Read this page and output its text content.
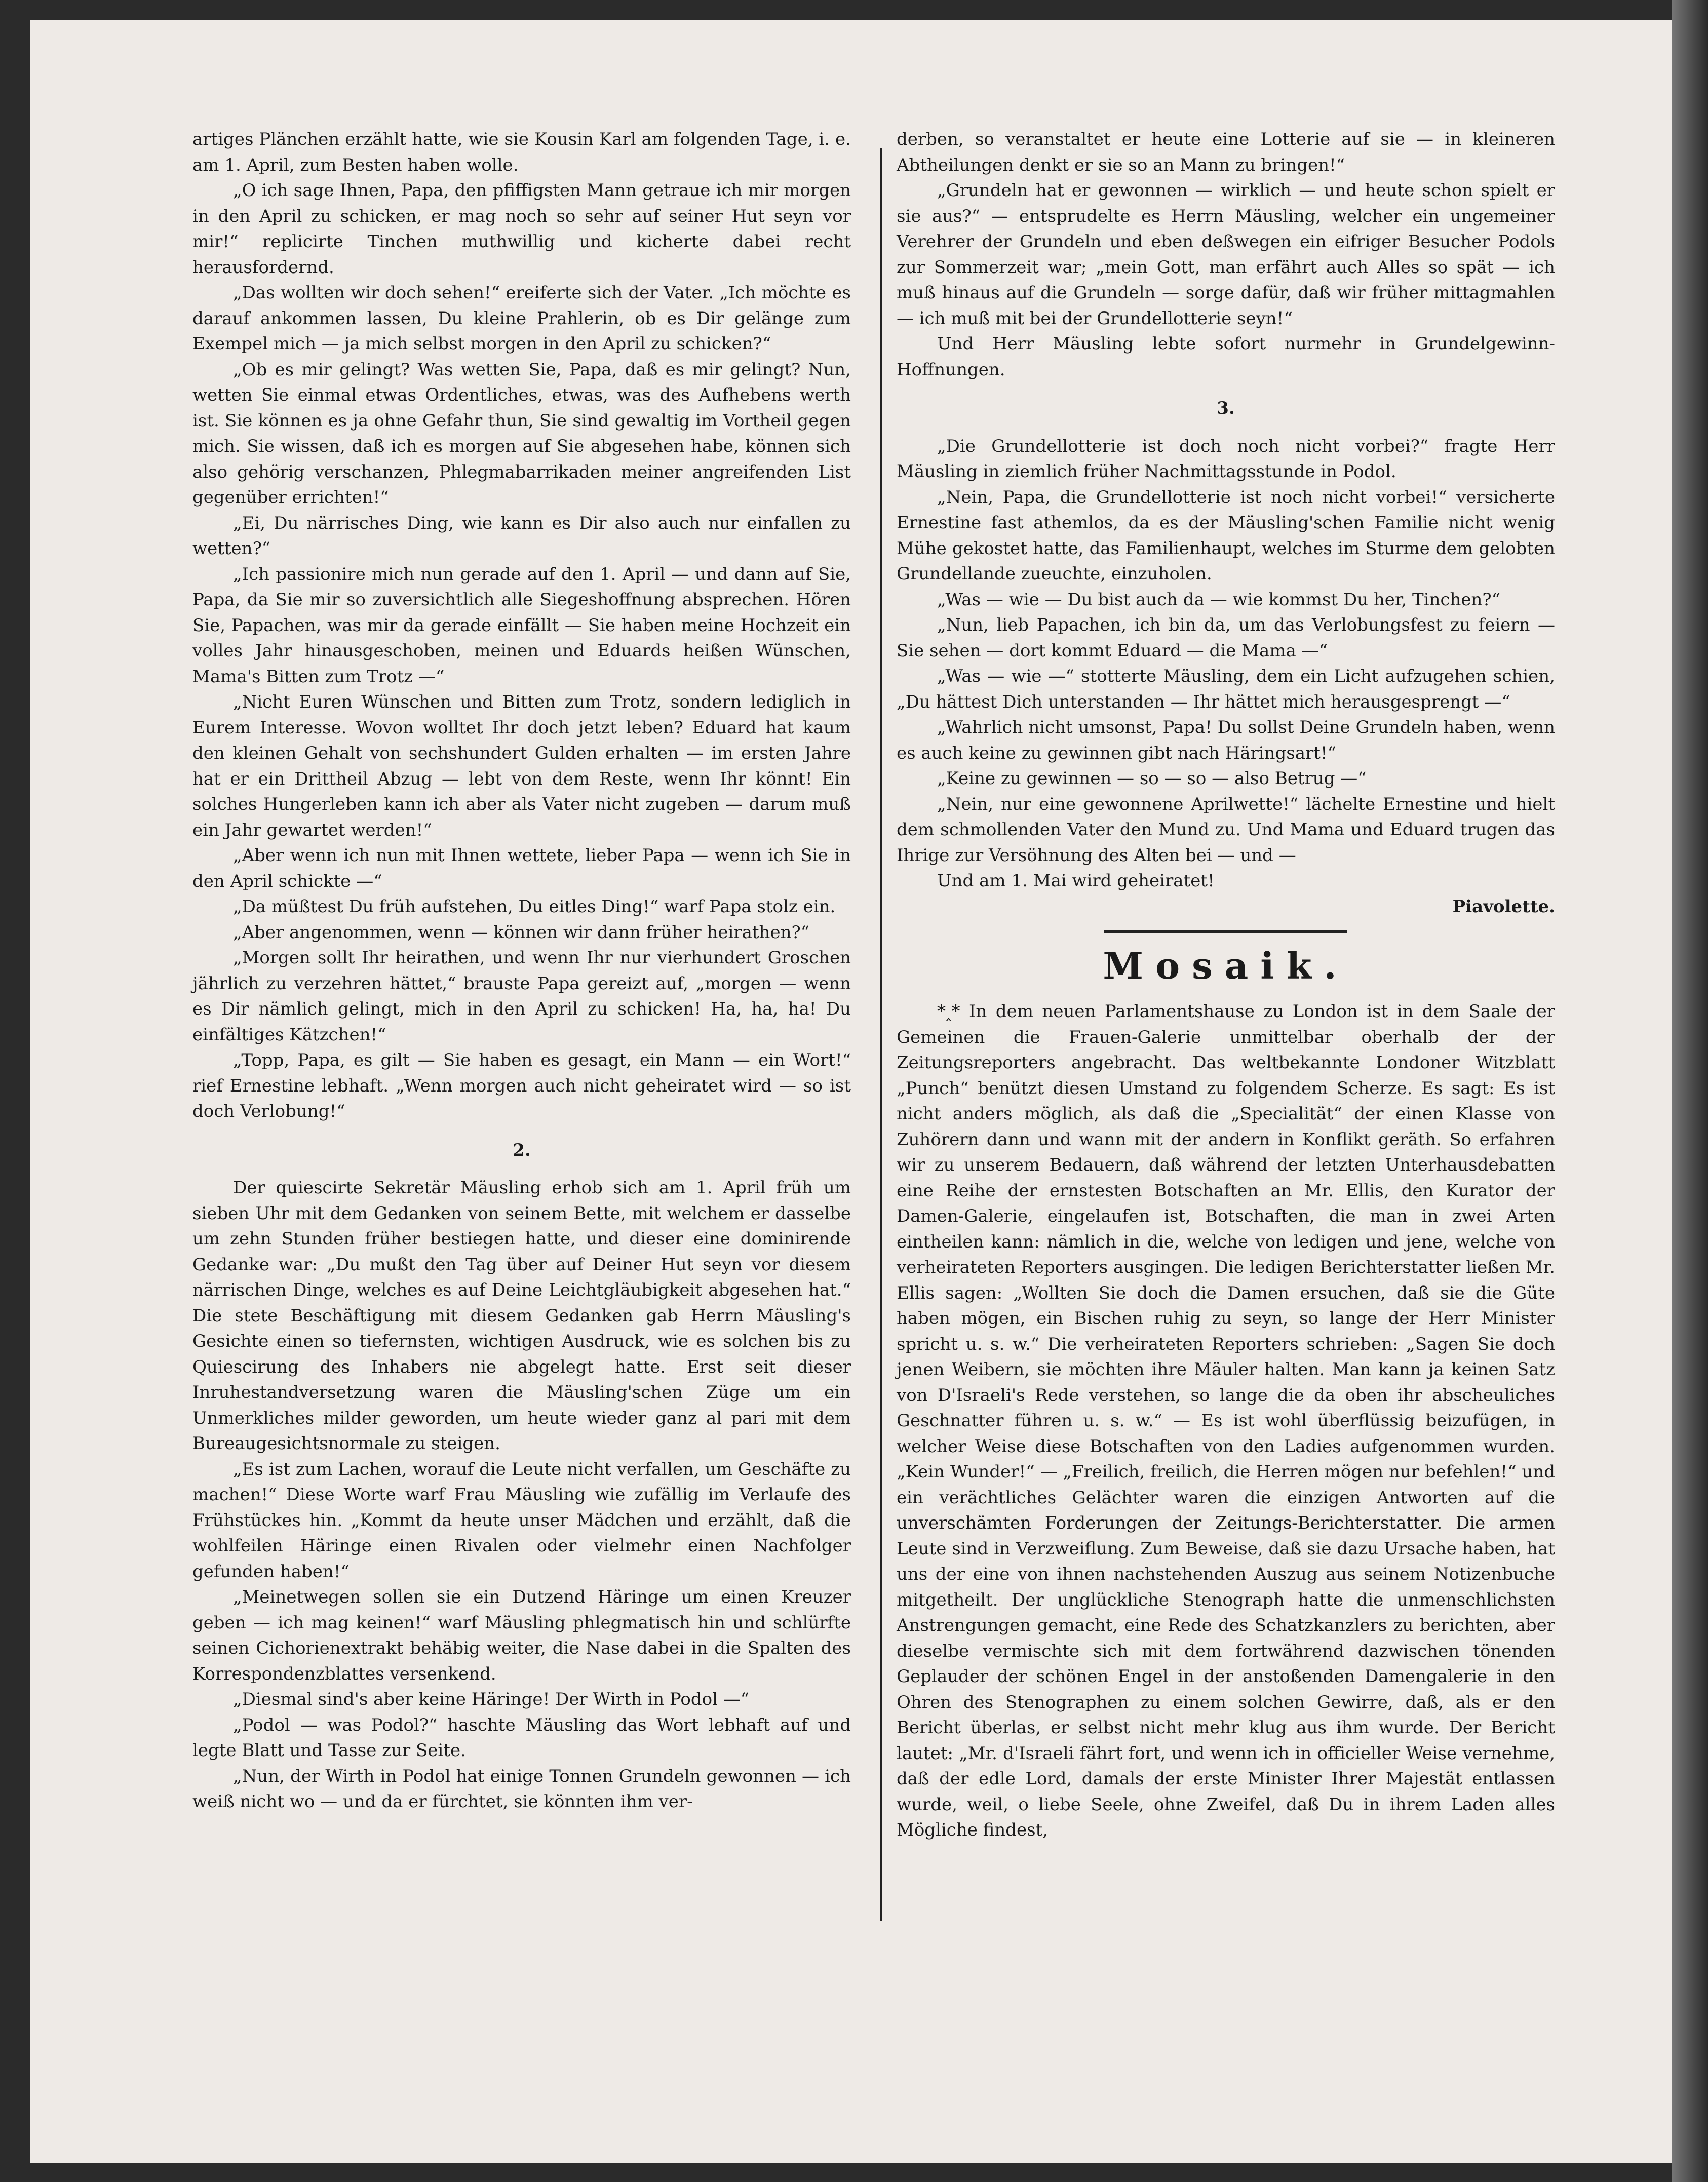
artiges Plänchen erzählt hatte, wie sie Kousin Karl am folgenden Tage, i. e. am 1. April, zum Besten haben wolle.

„O ich sage Ihnen, Papa, den pfiffigsten Mann getraue ich mir morgen in den April zu schicken, er mag noch so sehr auf seiner Hut seyn vor mir!“ replicirte Tinchen muthwillig und kicherte dabei recht herausfordernd.

„Das wollten wir doch sehen!“ ereiferte sich der Vater. „Ich möchte es darauf ankommen lassen, Du kleine Prahlerin, ob es Dir gelänge zum Exempel mich — ja mich selbst morgen in den April zu schicken?“

„Ob es mir gelingt? Was wetten Sie, Papa, daß es mir gelingt? Nun, wetten Sie einmal etwas Ordentliches, etwas, was des Aufhebens werth ist. Sie können es ja ohne Gefahr thun, Sie sind gewaltig im Vortheil gegen mich. Sie wissen, daß ich es morgen auf Sie abgesehen habe, können sich also gehörig verschanzen, Phlegmabarrikaden meiner angreifenden List gegenüber errichten!“

„Ei, Du närrisches Ding, wie kann es Dir also auch nur einfallen zu wetten?“

„Ich passionire mich nun gerade auf den 1. April — und dann auf Sie, Papa, da Sie mir so zuversichtlich alle Siegeshoffnung absprechen. Hören Sie, Papachen, was mir da gerade einfällt — Sie haben meine Hochzeit ein volles Jahr hinausgeschoben, meinen und Eduards heißen Wünschen, Mama's Bitten zum Trotz —“

„Nicht Euren Wünschen und Bitten zum Trotz, sondern lediglich in Eurem Interesse. Wovon wolltet Ihr doch jetzt leben? Eduard hat kaum den kleinen Gehalt von sechshundert Gulden erhalten — im ersten Jahre hat er ein Drittheil Abzug — lebt von dem Reste, wenn Ihr könnt! Ein solches Hungerleben kann ich aber als Vater nicht zugeben — darum muß ein Jahr gewartet werden!“

„Aber wenn ich nun mit Ihnen wettete, lieber Papa — wenn ich Sie in den April schickte —“

„Da müßtest Du früh aufstehen, Du eitles Ding!“ warf Papa stolz ein.

„Aber angenommen, wenn — können wir dann früher heirathen?“

„Morgen sollt Ihr heirathen, und wenn Ihr nur vierhundert Groschen jährlich zu verzehren hättet,“ brauste Papa gereizt auf, „morgen — wenn es Dir nämlich gelingt, mich in den April zu schicken! Ha, ha, ha! Du einfältiges Kätzchen!“

„Topp, Papa, es gilt — Sie haben es gesagt, ein Mann — ein Wort!“ rief Ernestine lebhaft. „Wenn morgen auch nicht geheiratet wird — so ist doch Verlobung!“

2.

Der quiescirte Sekretär Mäusling erhob sich am 1. April früh um sieben Uhr mit dem Gedanken von seinem Bette, mit welchem er dasselbe um zehn Stunden früher bestiegen hatte, und dieser eine dominirende Gedanke war: „Du mußt den Tag über auf Deiner Hut seyn vor diesem närrischen Dinge, welches es auf Deine Leichtgläubigkeit abgesehen hat.“ Die stete Beschäftigung mit diesem Gedanken gab Herrn Mäusling's Gesichte einen so tiefernsten, wichtigen Ausdruck, wie es solchen bis zu Quiescirung des Inhabers nie abgelegt hatte. Erst seit dieser Inruhestandversetzung waren die Mäusling'schen Züge um ein Unmerkliches milder geworden, um heute wieder ganz al pari mit dem Bureaugesichtsnormale zu steigen.

„Es ist zum Lachen, worauf die Leute nicht verfallen, um Geschäfte zu machen!“ Diese Worte warf Frau Mäusling wie zufällig im Verlaufe des Frühstückes hin. „Kommt da heute unser Mädchen und erzählt, daß die wohlfeilen Häringe einen Rivalen oder vielmehr einen Nachfolger gefunden haben!“

„Meinetwegen sollen sie ein Dutzend Häringe um einen Kreuzer geben — ich mag keinen!“ warf Mäusling phlegmatisch hin und schlürfte seinen Cichorienextrakt behäbig weiter, die Nase dabei in die Spalten des Korrespondenzblattes versenkend.

„Diesmal sind's aber keine Häringe! Der Wirth in Podol —“

„Podol — was Podol?“ haschte Mäusling das Wort lebhaft auf und legte Blatt und Tasse zur Seite.

„Nun, der Wirth in Podol hat einige Tonnen Grundeln gewonnen — ich weiß nicht wo — und da er fürchtet, sie könnten ihm ver-

derben, so veranstaltet er heute eine Lotterie auf sie — in kleineren Abtheilungen denkt er sie so an Mann zu bringen!“

„Grundeln hat er gewonnen — wirklich — und heute schon spielt er sie aus?“ — entsprudelte es Herrn Mäusling, welcher ein ungemeiner Verehrer der Grundeln und eben deßwegen ein eifriger Besucher Podols zur Sommerzeit war; „mein Gott, man erfährt auch Alles so spät — ich muß hinaus auf die Grundeln — sorge dafür, daß wir früher mittagmahlen — ich muß mit bei der Grundellotterie seyn!“

Und Herr Mäusling lebte sofort nurmehr in Grundelgewinn-Hoffnungen.

3.

„Die Grundellotterie ist doch noch nicht vorbei?“ fragte Herr Mäusling in ziemlich früher Nachmittagsstunde in Podol.

„Nein, Papa, die Grundellotterie ist noch nicht vorbei!“ versicherte Ernestine fast athemlos, da es der Mäusling'schen Familie nicht wenig Mühe gekostet hatte, das Familienhaupt, welches im Sturme dem gelobten Grundellande zueuchte, einzuholen.

„Was — wie — Du bist auch da — wie kommst Du her, Tinchen?“

„Nun, lieb Papachen, ich bin da, um das Verlobungsfest zu feiern — Sie sehen — dort kommt Eduard — die Mama —“

„Was — wie —“ stotterte Mäusling, dem ein Licht aufzugehen schien, „Du hättest Dich unterstanden — Ihr hättet mich herausgesprengt —“

„Wahrlich nicht umsonst, Papa! Du sollst Deine Grundeln haben, wenn es auch keine zu gewinnen gibt nach Häringsart!“

„Keine zu gewinnen — so — so — also Betrug —“

„Nein, nur eine gewonnene Aprilwette!“ lächelte Ernestine und hielt dem schmollenden Vater den Mund zu. Und Mama und Eduard trugen das Ihrige zur Versöhnung des Alten bei — und —

Und am 1. Mai wird geheiratet!

Piavolette.

Mosaik.

*‸* In dem neuen Parlamentshause zu London ist in dem Saale der Gemeinen die Frauen-Galerie unmittelbar oberhalb der der Zeitungsreporters angebracht. Das weltbekannte Londoner Witzblatt „Punch“ benützt diesen Umstand zu folgendem Scherze. Es sagt: Es ist nicht anders möglich, als daß die „Specialität“ der einen Klasse von Zuhörern dann und wann mit der andern in Konflikt geräth. So erfahren wir zu unserem Bedauern, daß während der letzten Unterhausdebatten eine Reihe der ernstesten Botschaften an Mr. Ellis, den Kurator der Damen-Galerie, eingelaufen ist, Botschaften, die man in zwei Arten eintheilen kann: nämlich in die, welche von ledigen und jene, welche von verheirateten Reporters ausgingen. Die ledigen Berichterstatter ließen Mr. Ellis sagen: „Wollten Sie doch die Damen ersuchen, daß sie die Güte haben mögen, ein Bischen ruhig zu seyn, so lange der Herr Minister spricht u. s. w.“ Die verheirateten Reporters schrieben: „Sagen Sie doch jenen Weibern, sie möchten ihre Mäuler halten. Man kann ja keinen Satz von D'Israeli's Rede verstehen, so lange die da oben ihr abscheuliches Geschnatter führen u. s. w.“ — Es ist wohl überflüssig beizufügen, in welcher Weise diese Botschaften von den Ladies aufgenommen wurden. „Kein Wunder!“ — „Freilich, freilich, die Herren mögen nur befehlen!“ und ein verächtliches Gelächter waren die einzigen Antworten auf die unverschämten Forderungen der Zeitungs-Berichterstatter. Die armen Leute sind in Verzweiflung. Zum Beweise, daß sie dazu Ursache haben, hat uns der eine von ihnen nachstehenden Auszug aus seinem Notizenbuche mitgetheilt. Der unglückliche Stenograph hatte die unmenschlichsten Anstrengungen gemacht, eine Rede des Schatzkanzlers zu berichten, aber dieselbe vermischte sich mit dem fortwährend dazwischen tönenden Geplauder der schönen Engel in der anstoßenden Damengalerie in den Ohren des Stenographen zu einem solchen Gewirre, daß, als er den Bericht überlas, er selbst nicht mehr klug aus ihm wurde. Der Bericht lautet: „Mr. d'Israeli fährt fort, und wenn ich in officieller Weise vernehme, daß der edle Lord, damals der erste Minister Ihrer Majestät entlassen wurde, weil, o liebe Seele, ohne Zweifel, daß Du in ihrem Laden alles Mögliche findest,
